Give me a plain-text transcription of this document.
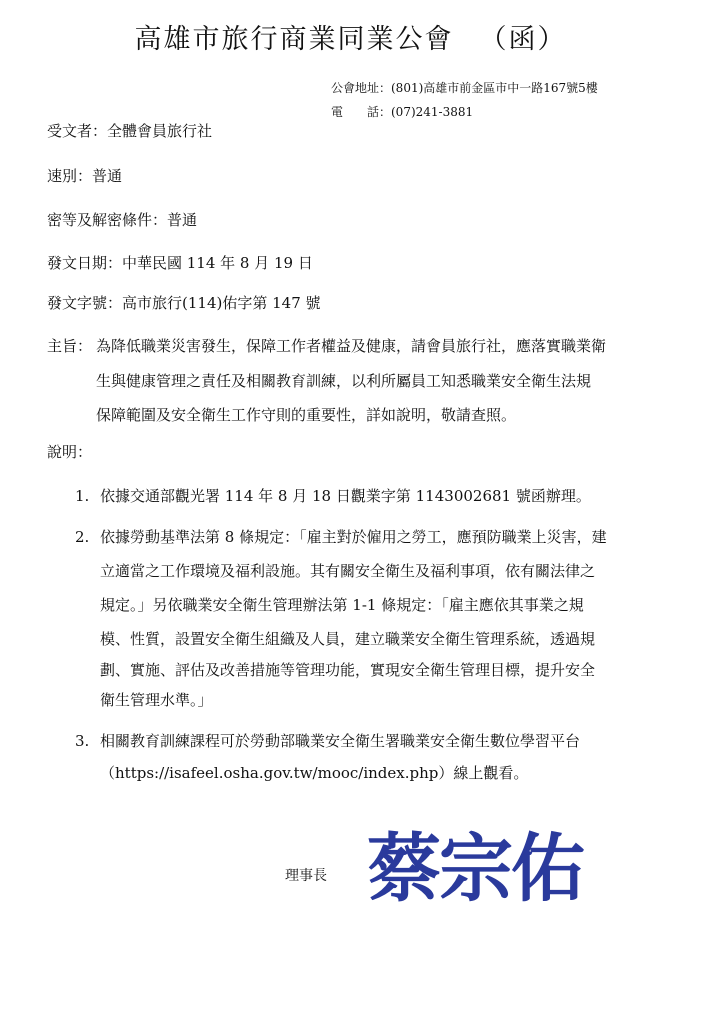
高雄市旅行商業同業公會 （函）
公會地址：(801)高雄市前金區市中一路167號5樓
電　　話：(07)241-3881
受文者：全體會員旅行社
速別：普通
密等及解密條件：普通
發文日期：中華民國 114 年 8 月 19 日
發文字號：高市旅行(114)佑字第 147 號
主旨： 為降低職業災害發生，保障工作者權益及健康，請會員旅行社，應落實職業衛
生與健康管理之責任及相關教育訓練，以利所屬員工知悉職業安全衛生法規
保障範圍及安全衛生工作守則的重要性，詳如說明，敬請查照。
說明：
1. 依據交通部觀光署 114 年 8 月 18 日觀業字第 1143002681 號函辦理。
2. 依據勞動基準法第 8 條規定：「雇主對於僱用之勞工，應預防職業上災害，建
立適當之工作環境及福利設施。其有關安全衛生及福利事項，依有關法律之
規定。」另依職業安全衛生管理辦法第 1-1 條規定：「雇主應依其事業之規
模、性質，設置安全衛生組織及人員，建立職業安全衛生管理系統，透過規
劃、實施、評估及改善措施等管理功能，實現安全衛生管理目標，提升安全
衛生管理水準。」
3. 相關教育訓練課程可於勞動部職業安全衛生署職業安全衛生數位學習平台
（https://isafeel.osha.gov.tw/mooc/index.php）線上觀看。
理事長 蔡宗佑
